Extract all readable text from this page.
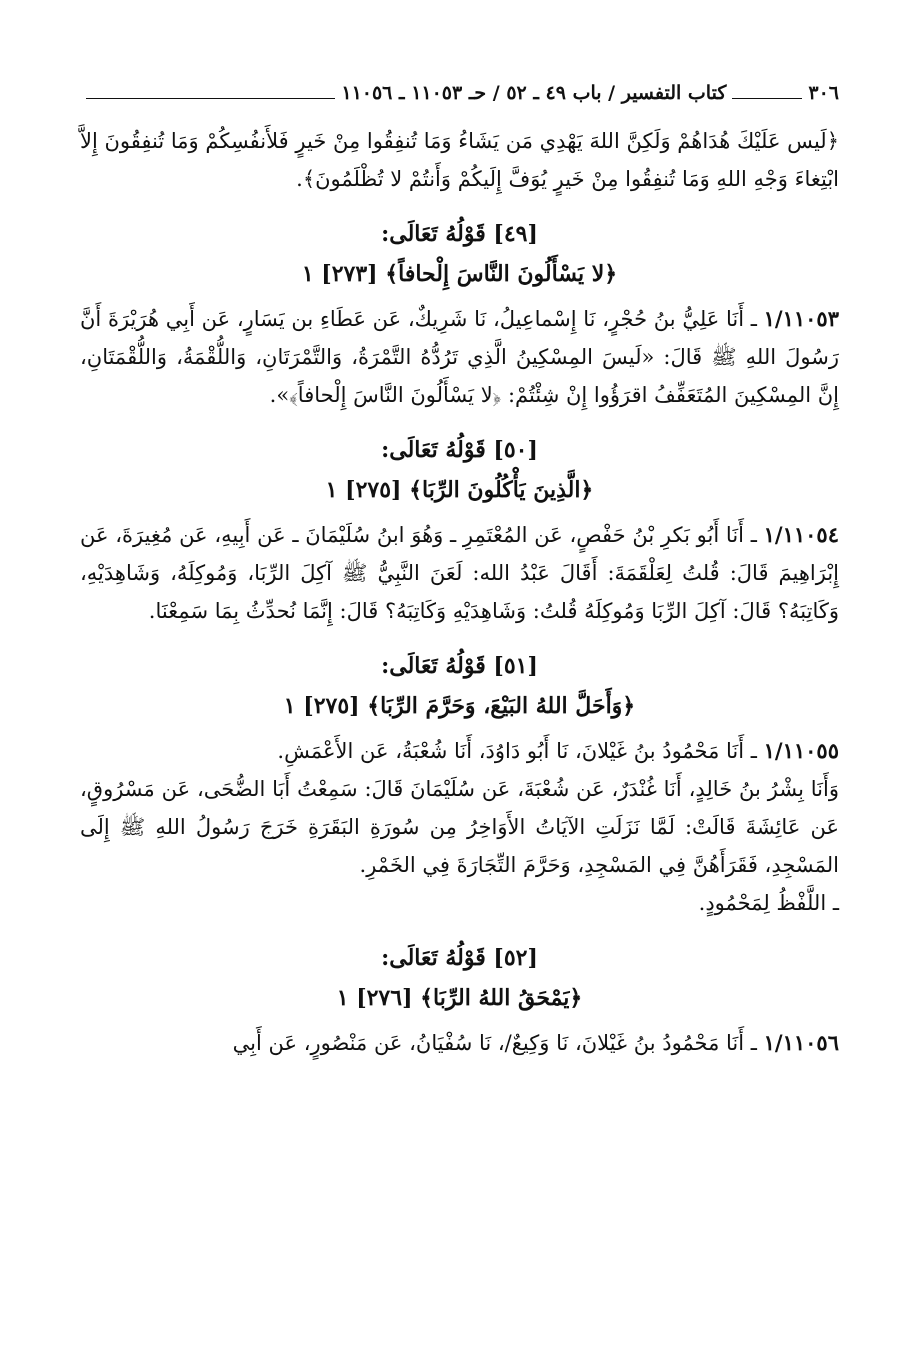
٣٠٦
كتاب التفسير / باب ٤٩ ـ ٥٢ / حـ ١١٠٥٣ ـ ١١٠٥٦

﴿لَيس عَلَيْكَ هُدَاهُمْ وَلَكِنَّ اللهَ يَهْدِي مَن يَشَاءُ وَمَا تُنفِقُوا مِنْ خَيرٍ فَلأَنفُسِكُمْ وَمَا تُنفِقُونَ إِلاَّ ابْتِغاءَ وَجْهِ اللهِ وَمَا تُنفِقُوا مِنْ خَيرٍ يُوَفَّ إِلَيكُمْ وَأَنتُمْ لا تُظْلَمُونَ﴾.

[٤٩] قَوْلُهُ تَعَالَى:

﴿لا يَسْأَلُونَ النَّاسَ إِلْحافاً﴾ [٢٧٣] ١

١/١١٠٥٣ ـ أَنَا عَلِيُّ بنُ حُجْرٍ، نَا إِسْماعِيلُ، نَا شَرِيكٌ، عَن عَطَاءِ بن يَسَارٍ، عَن أَبِي هُرَيْرَةَ أَنَّ رَسُولَ اللهِ ﷺ قَالَ: «لَيسَ المِسْكِينُ الَّذِي تَرُدُّهُ التَّمْرَةُ، وَالتَّمْرَتَانِ، وَاللُّقْمَةُ، وَاللُّقْمَتَانِ، إِنَّ المِسْكِينَ المُتَعَفِّفُ اقرَؤُوا إِنْ شِئْتُمْ: ﴿لا يَسْأَلُونَ النَّاسَ إِلْحافاً﴾».

[٥٠] قَوْلُهُ تَعَالَى:

﴿الَّذِينَ يَأْكُلُونَ الرِّبَا﴾ [٢٧٥] ١

١/١١٠٥٤ ـ أَنَا أَبُو بَكرِ بْنُ حَفْصٍ، عَن المُعْتَمِرِ ـ وَهُوَ ابنُ سُلَيْمَانَ ـ عَن أَبِيهِ، عَن مُغِيرَةَ، عَن إِبْرَاهِيمَ قَالَ: قُلتُ لِعَلْقَمَةَ: أَقَالَ عَبْدُ الله: لَعَنَ النَّبِيُّ ﷺ آكِلَ الرِّبَا، وَمُوكِلَهُ، وَشَاهِدَيْهِ، وَكَاتِبَهُ؟ قَالَ: آكِلَ الرِّبَا وَمُوكِلَهُ قُلتُ: وَشَاهِدَيْهِ وَكَاتِبَهُ؟ قَالَ: إِنَّمَا نُحدِّثُ بِمَا سَمِعْنَا.

[٥١] قَوْلُهُ تَعَالَى:

﴿وَأَحَلَّ اللهُ البَيْعَ، وَحَرَّمَ الرِّبَا﴾ [٢٧٥] ١

١/١١٠٥٥ ـ أَنَا مَحْمُودُ بنُ غَيْلانَ، نَا أَبُو دَاوُدَ، أَنَا شُعْبَةُ، عَن الأَعْمَشِ.

وَأَنَا بِشْرُ بنُ خَالِدٍ، أَنَا غُنْدَرٌ، عَن شُعْبَةَ، عَن سُلَيْمَانَ قَالَ: سَمِعْتُ أَبَا الضُّحَى، عَن مَسْرُوقٍ، عَن عَائِشَةَ قَالَتْ: لَمَّا نَزَلَتِ الآيَاتُ الأَوَاخِرُ مِن سُورَةِ البَقَرَةِ خَرَجَ رَسُولُ اللهِ ﷺ إِلَى المَسْجِدِ، فَقَرَأَهُنَّ فِي المَسْجِدِ، وَحَرَّمَ التِّجَارَةَ فِي الخَمْرِ.

ـ اللَّفْظُ لِمَحْمُودٍ.

[٥٢] قَوْلُهُ تَعَالَى:

﴿يَمْحَقُ اللهُ الرِّبَا﴾ [٢٧٦] ١

١/١١٠٥٦ ـ أَنَا مَحْمُودُ بنُ غَيْلانَ، نَا وَكِيعٌ/، نَا سُفْيَانُ، عَن مَنْصُورٍ، عَن أَبِي
